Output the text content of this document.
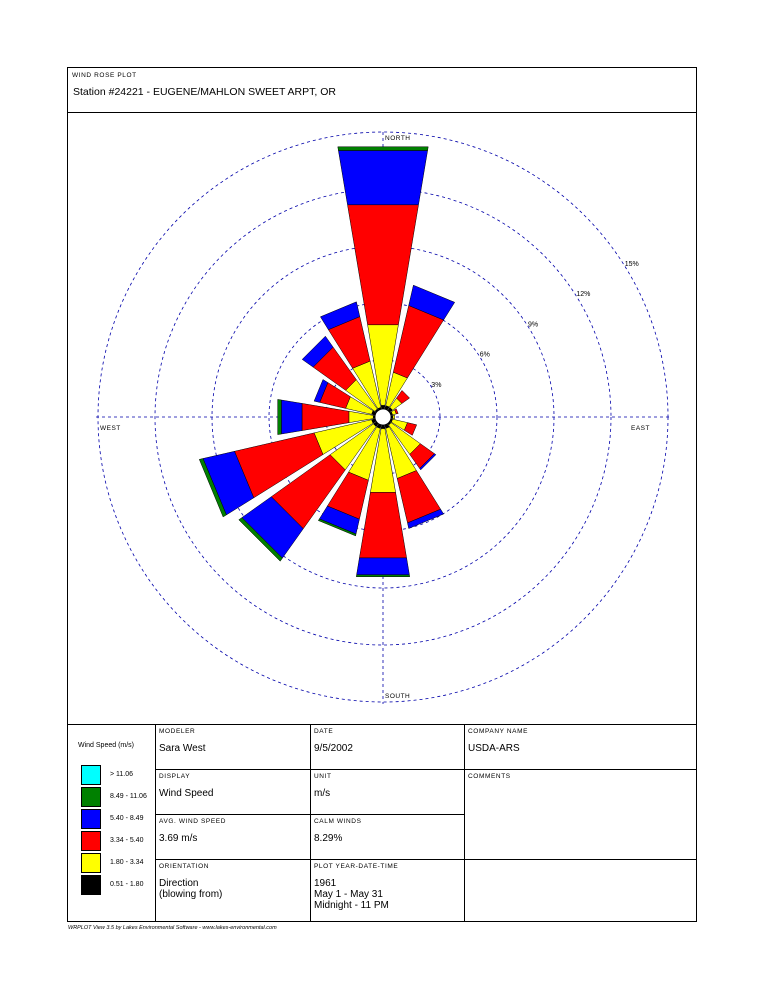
WIND ROSE PLOT
Station #24221 - EUGENE/MAHLON SWEET ARPT, OR
3%
6%
9%
12%
15%
NORTH
SOUTH
WEST	EAST
Wind Speed (m/s)
> 11.06
8.49 - 11.06
5.40 - 8.49
3.34 - 5.40
1.80 - 3.34
0.51 - 1.80
MODELER
Sara West
DATE
9/5/2002
COMPANY NAME
USDA-ARS
DISPLAY
Wind Speed
UNIT
m/s
COMMENTS
AVG. WIND SPEED
3.69 m/s
CALM WINDS
8.29%
ORIENTATION
Direction
(blowing from)
PLOT YEAR-DATE-TIME
1961
May 1 - May 31
Midnight - 11 PM
WRPLOT View 3.5 by Lakes Environmental Software - www.lakes-environmental.com
